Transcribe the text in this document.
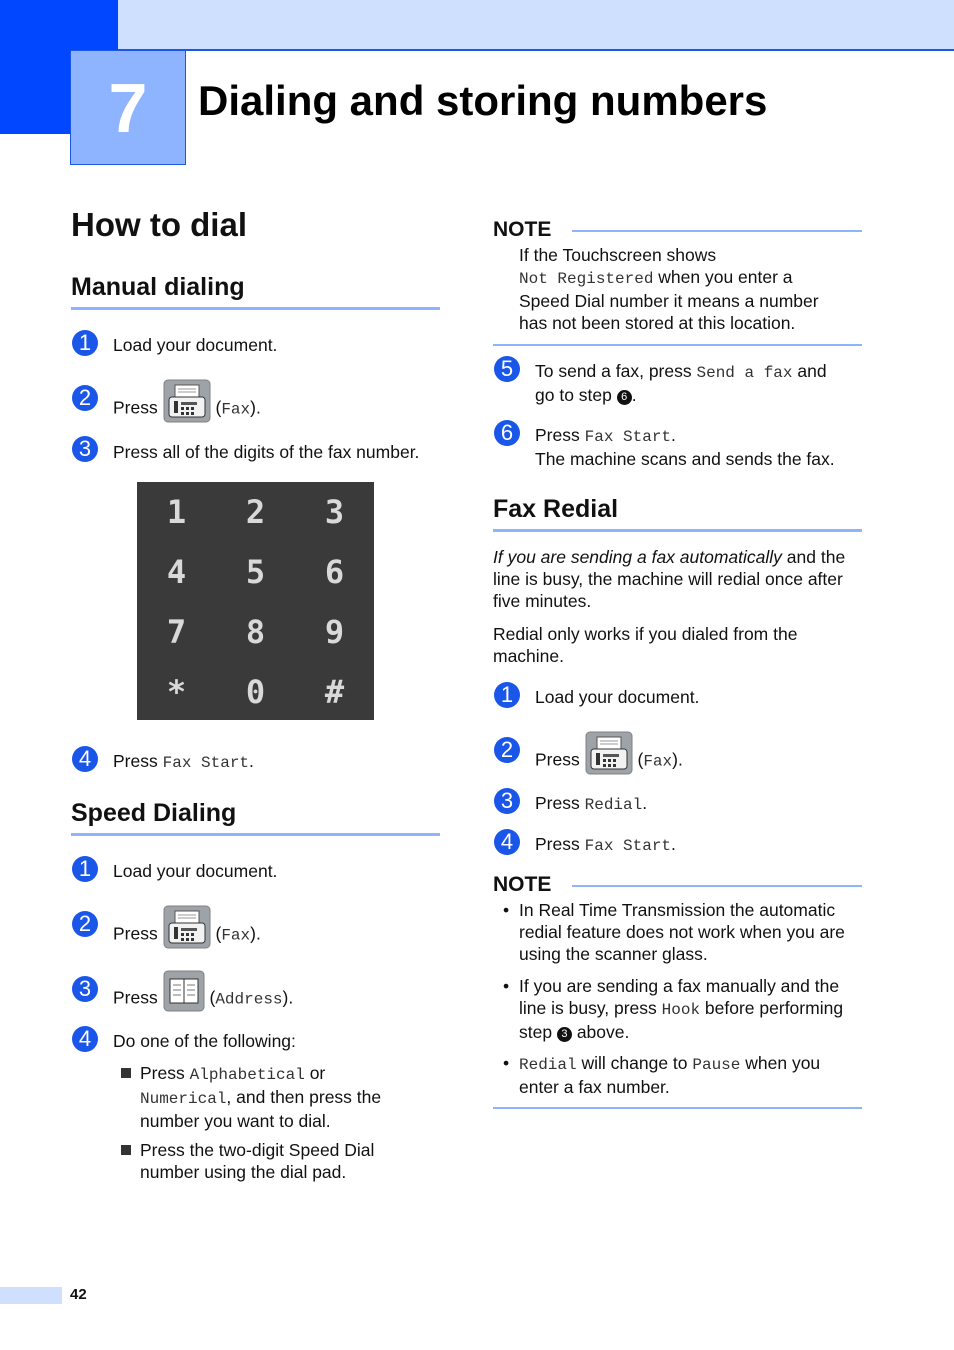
7 Dialing and storing numbers
How to dial
Manual dialing
1	Load your document.
2	Press	(Fax).
3	Press all of the digits of the fax number.
1	2	3
4	5	6
7	8	9
*	0	#
4	Press Fax Start.
Speed Dialing
1	Load your document.
2	Press	(Fax).
3	Press	(Address).
4	Do one of the following:
Press Alphabetical or
Numerical, and then press the
number you want to dial.
Press the two-digit Speed Dial
number using the dial pad.
NOTE
If the Touchscreen shows
Not Registered when you enter a
Speed Dial number it means a number
has not been stored at this location.
5	To send a fax, press Send a fax and
go to step 6 .
6	Press Fax Start.
The machine scans and sends the fax.
Fax Redial
If you are sending a fax automatically and the
line is busy, the machine will redial once after
five minutes.
Redial only works if you dialed from the
machine.
1	Load your document.
2	Press	(Fax).
3	Press Redial.
4	Press Fax Start.
NOTE
• In Real Time Transmission the automatic
redial feature does not work when you are
using the scanner glass.
• If you are sending a fax manually and the
line is busy, press Hook before performing
step 3 above.
• Redial will change to Pause when you
enter a fax number.
42
